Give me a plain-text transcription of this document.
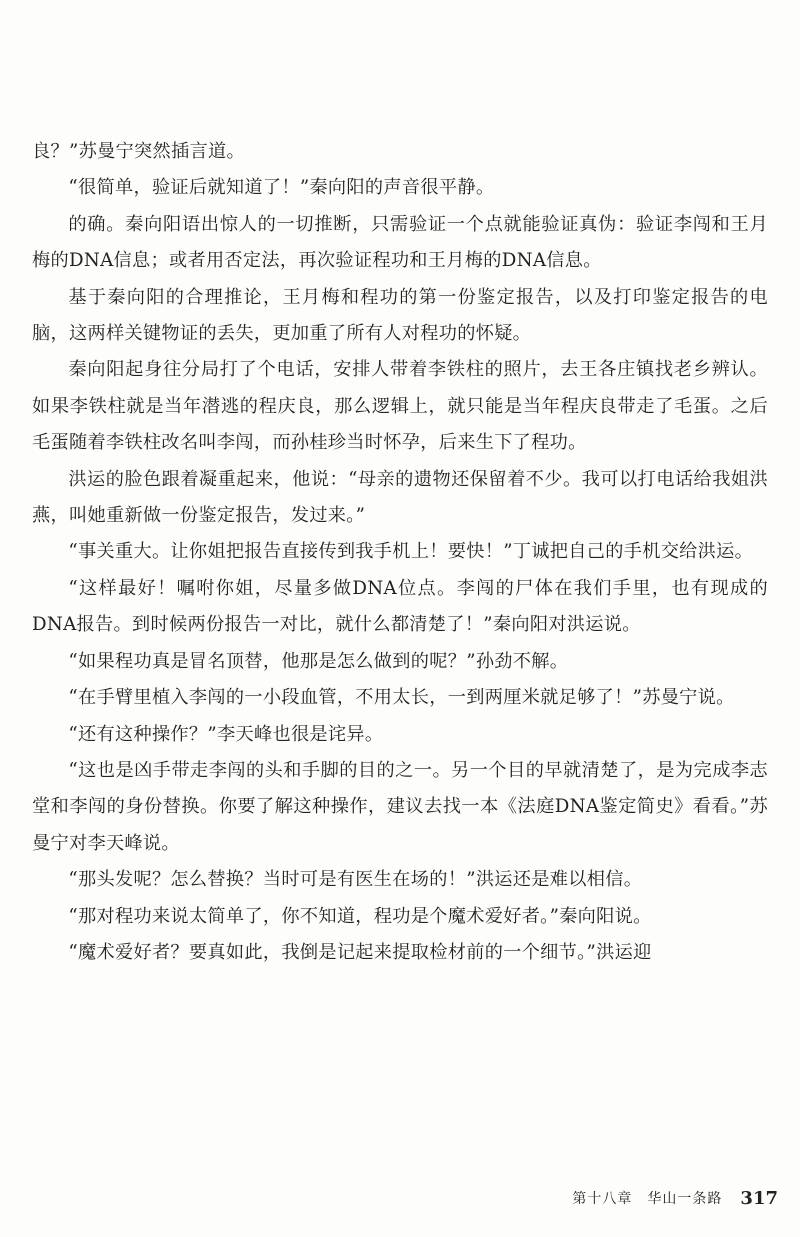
良？”苏曼宁突然插言道。

“很简单，验证后就知道了！”秦向阳的声音很平静。

的确。秦向阳语出惊人的一切推断，只需验证一个点就能验证真伪：验证李闯和王月梅的DNA信息；或者用否定法，再次验证程功和王月梅的DNA信息。

基于秦向阳的合理推论，王月梅和程功的第一份鉴定报告，以及打印鉴定报告的电脑，这两样关键物证的丢失，更加重了所有人对程功的怀疑。

秦向阳起身往分局打了个电话，安排人带着李铁柱的照片，去王各庄镇找老乡辨认。如果李铁柱就是当年潜逃的程庆良，那么逻辑上，就只能是当年程庆良带走了毛蛋。之后毛蛋随着李铁柱改名叫李闯，而孙桂珍当时怀孕，后来生下了程功。

洪运的脸色跟着凝重起来，他说：“母亲的遗物还保留着不少。我可以打电话给我姐洪燕，叫她重新做一份鉴定报告，发过来。”

“事关重大。让你姐把报告直接传到我手机上！要快！”丁诚把自己的手机交给洪运。

“这样最好！嘱咐你姐，尽量多做DNA位点。李闯的尸体在我们手里，也有现成的DNA报告。到时候两份报告一对比，就什么都清楚了！”秦向阳对洪运说。

“如果程功真是冒名顶替，他那是怎么做到的呢？”孙劲不解。

“在手臂里植入李闯的一小段血管，不用太长，一到两厘米就足够了！”苏曼宁说。

“还有这种操作？”李天峰也很是诧异。

“这也是凶手带走李闯的头和手脚的目的之一。另一个目的早就清楚了，是为完成李志堂和李闯的身份替换。你要了解这种操作，建议去找一本《法庭DNA鉴定简史》看看。”苏曼宁对李天峰说。

“那头发呢？怎么替换？当时可是有医生在场的！”洪运还是难以相信。

“那对程功来说太简单了，你不知道，程功是个魔术爱好者。”秦向阳说。

“魔术爱好者？要真如此，我倒是记起来提取检材前的一个细节。”洪运迎

第十八章　华山一条路 317
